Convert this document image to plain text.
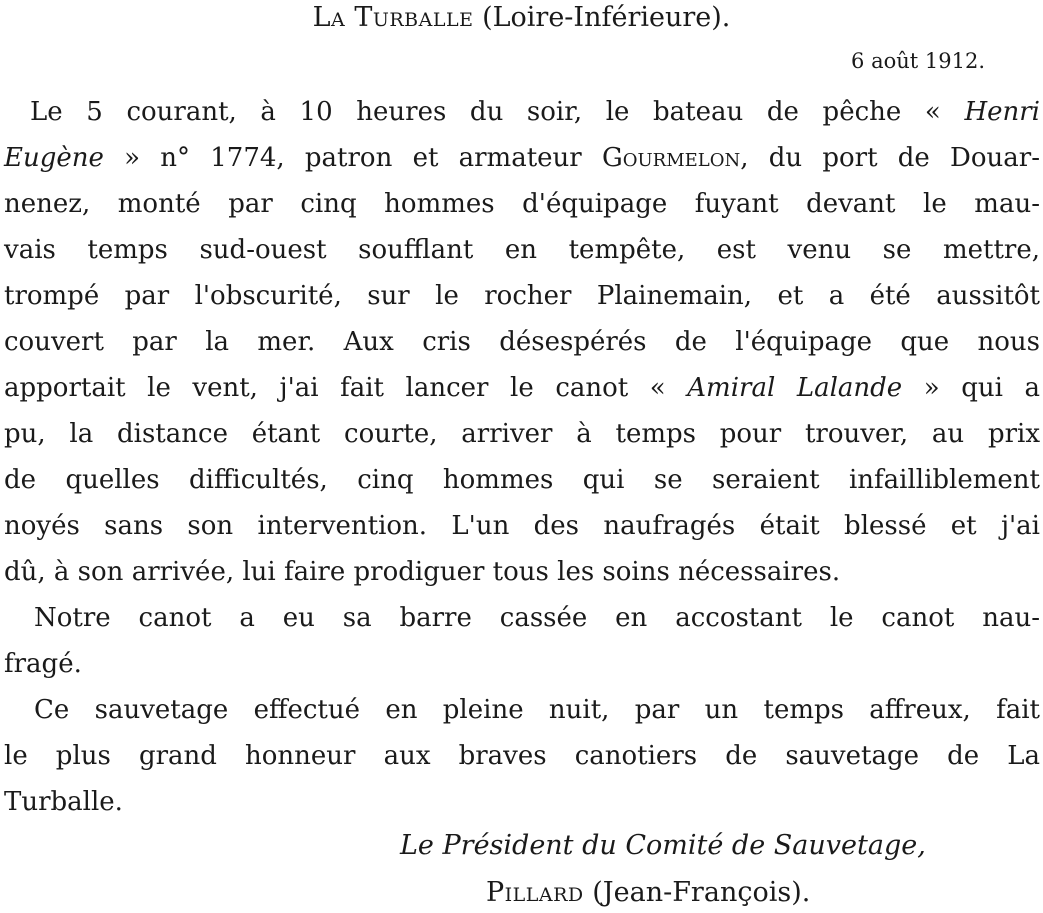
La Turballe (Loire-Inférieure).
6 août 1912.
Le 5 courant, à 10 heures du soir, le bateau de pêche « Henri
Eugène » n° 1774, patron et armateur Gourmelon, du port de Douar-
nenez, monté par cinq hommes d'équipage fuyant devant le mau-
vais temps sud-ouest soufflant en tempête, est venu se mettre,
trompé par l'obscurité, sur le rocher Plainemain, et a été aussitôt
couvert par la mer. Aux cris désespérés de l'équipage que nous
apportait le vent, j'ai fait lancer le canot « Amiral Lalande » qui a
pu, la distance étant courte, arriver à temps pour trouver, au prix
de quelles difficultés, cinq hommes qui se seraient infailliblement
noyés sans son intervention. L'un des naufragés était blessé et j'ai
dû, à son arrivée, lui faire prodiguer tous les soins nécessaires.
Notre canot a eu sa barre cassée en accostant le canot nau-
fragé.
Ce sauvetage effectué en pleine nuit, par un temps affreux, fait
le plus grand honneur aux braves canotiers de sauvetage de La
Turballe.
Le Président du Comité de Sauvetage,
Pillard (Jean-François).
